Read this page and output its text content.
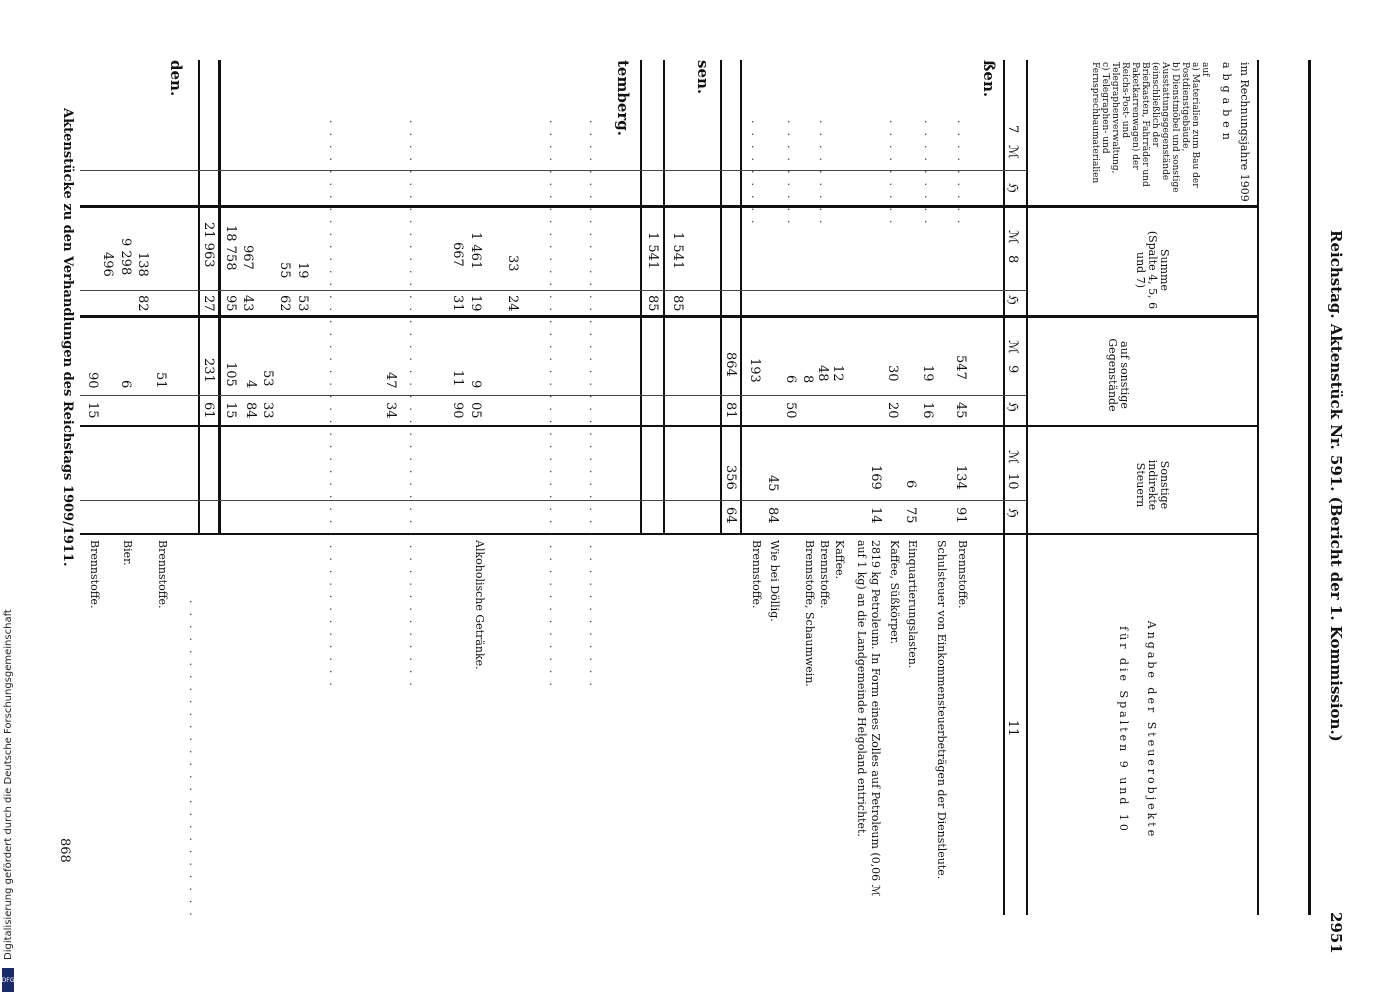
Reichstag. Aktenstück Nr. 591. (Bericht der 1. Kommission.)
2951
im Rechnungsjahre 1909
abgaben
auf
a) Materialien zum Bau der Postdienstgebäude,
b) Dienstmöbel und sonstige Ausstattungsgegenstände (einschließlich der Briefkasten, Fahrräder und Paketkarrenwagen) der Reichs-Post- und Telegraphenverwaltung,
c) Telegraphen- und Fernsprechbaumaterialien
Summe
(Spalte 4, 5, 6 und 7)
auf sonstige Gegenstände
Sonstige indirekte Steuern
Angabe der Steuerobjekte
für die Spalten 9 und 10
7
8
9
10
11
ℳ
ℌ
ℳ
ℌ
ℳ
ℌ
ℳ
ℌ
ßen.
sen.
temberg.
den.
547
45
134
91
Brennstoffe.
19
16
Schulsteuer von Einkommensteuerbeträgen der Dienstleute.
30
20
6
75
Einquartierungslasten.
169
14
Kaffee, Süßkörper.
12
2819 kg Petroleum. In Form eines Zolles auf Petroleum (0,06 ℳ auf 1 kg) an die Landgemeinde Helgoland entrichtet.
48
Kaffee.
8
Brennstoffe.
6
50
Brennstoffe, Schaumwein.
45
84
Wie bei Döllig.
193
Brennstoffe.
864
81
356
64
1 541
85
1 541
85
33
24
47
34
Alkoholische Getränke.
1 461
19
9
05
667
31
11
90
19
53
53
33
55
62
4
84
967
43
18 758
95
105
15
21 963
27
231
61
138
82
51
Brennstoffe.
9 298
6
Bier.
496
90
15
Brennstoffe.
.........
.........
.........
.........
.........
.........
..............................................
..............................................
..............................................
..............................................
..........................
Aktenstücke zu den Verhandlungen des Reichstags 1909/1911.
868
Digitalisierung gefördert durch die Deutsche Forschungsgemeinschaft
DFG
